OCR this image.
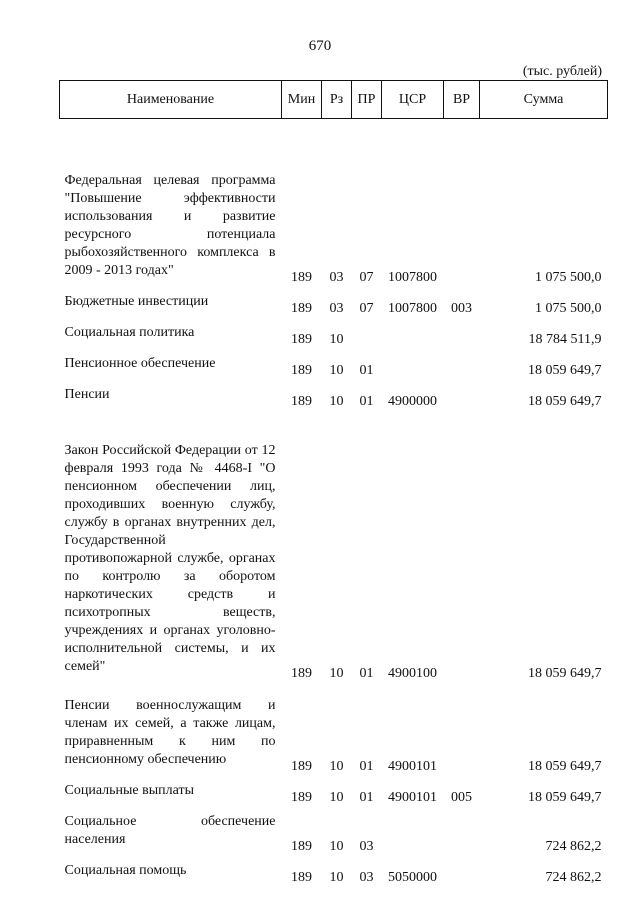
670
(тыс. рублей)
Наименование	Мин	Рз	ПР	ЦСР	ВР	Сумма
Федеральная целевая программа "Повышение эффективности использования и развитие ресурсного потенциала рыбохозяйственного комплекса в 2009 - 2013 годах"	189	03	07	1007800		1 075 500,0
Бюджетные инвестиции	189	03	07	1007800	003	1 075 500,0
Социальная политика	189	10				18 784 511,9
Пенсионное обеспечение	189	10	01			18 059 649,7
Пенсии	189	10	01	4900000		18 059 649,7
Закон Российской Федерации от 12 февраля 1993 года № 4468-I "О пенсионном обеспечении лиц, проходивших военную службу, службу в органах внутренних дел, Государственной противопожарной службе, органах по контролю за оборотом наркотических средств и психотропных веществ, учреждениях и органах уголовно-исполнительной системы, и их семей"	189	10	01	4900100		18 059 649,7
Пенсии военнослужащим и членам их семей, а также лицам, приравненным к ним по пенсионному обеспечению	189	10	01	4900101		18 059 649,7
Социальные выплаты	189	10	01	4900101	005	18 059 649,7
Социальное обеспечение населения	189	10	03			724 862,2
Социальная помощь	189	10	03	5050000		724 862,2
